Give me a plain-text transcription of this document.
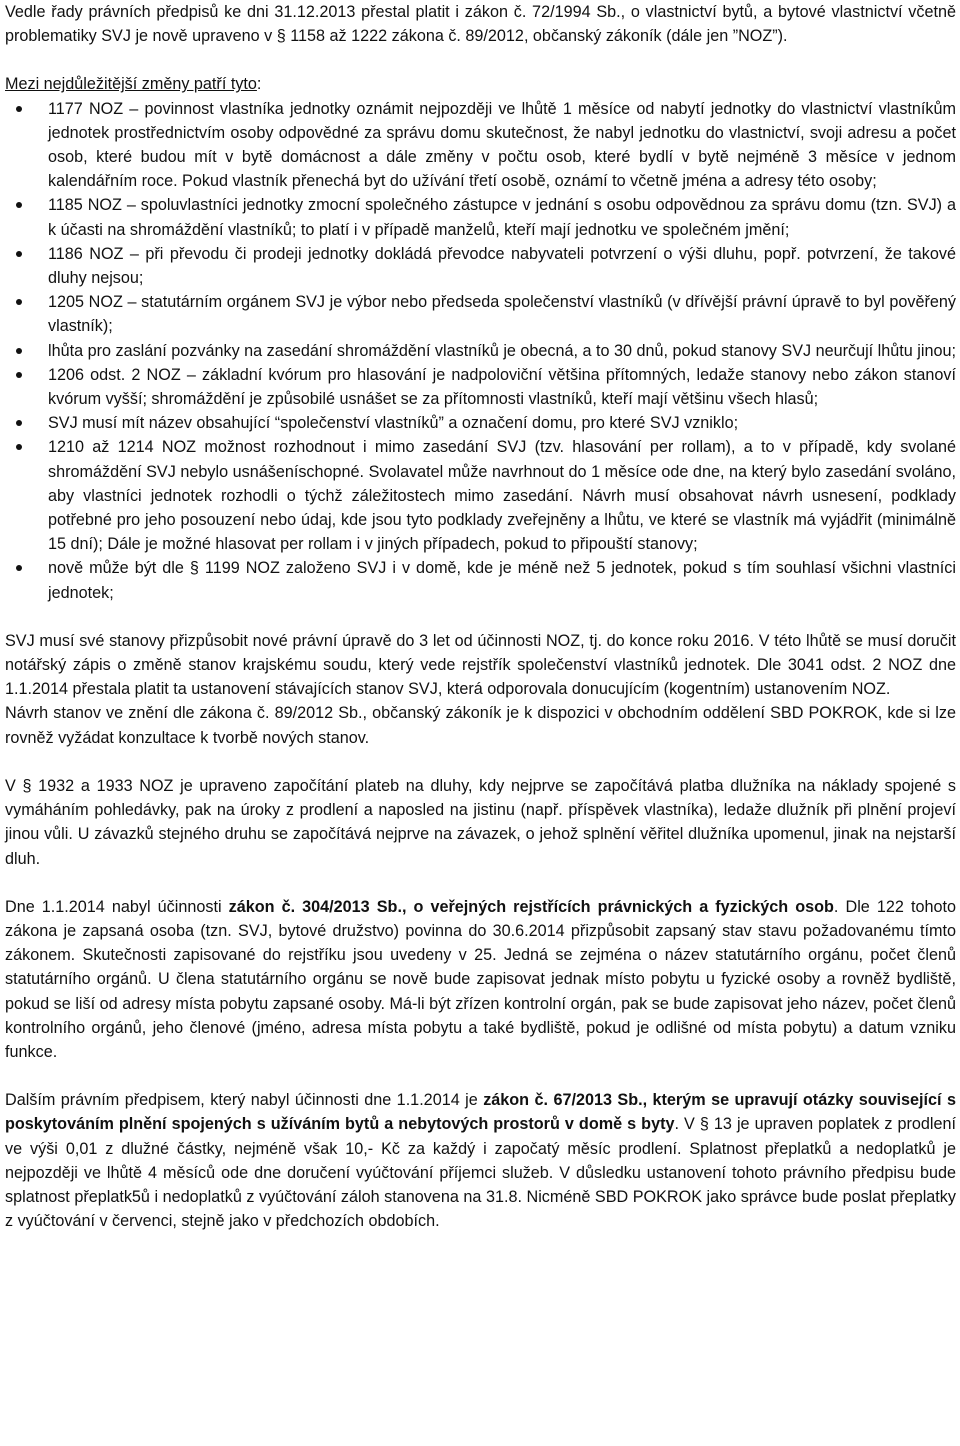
Vedle řady právních předpisů ke dni 31.12.2013 přestal platit i zákon č. 72/1994 Sb., o vlastnictví bytů, a bytové vlastnictví včetně problematiky SVJ je nově upraveno v § 1158 až 1222 zákona č. 89/2012, občanský zákoník (dále jen ”NOZ”).

Mezi nejdůležitější změny patří tyto:

1177 NOZ – povinnost vlastníka jednotky oznámit nejpozději ve lhůtě 1 měsíce od nabytí jednotky do vlastnictví vlastníkům jednotek prostřednictvím osoby odpovědné za správu domu skutečnost, že nabyl jednotku do vlastnictví, svoji adresu a počet osob, které budou mít v bytě domácnost a dále změny v počtu osob, které bydlí v bytě nejméně 3 měsíce v jednom kalendářním roce. Pokud vlastník přenechá byt do užívání třetí osobě, oznámí to včetně jména a adresy této osoby;
1185 NOZ – spoluvlastníci jednotky zmocní společného zástupce v jednání s osobu odpovědnou za správu domu (tzn. SVJ) a k účasti na shromáždění vlastníků; to platí i v případě manželů, kteří mají jednotku ve společném jmění;
1186 NOZ – při převodu či prodeji jednotky dokládá převodce nabyvateli potvrzení o výši dluhu, popř. potvrzení, že takové dluhy nejsou;
1205 NOZ – statutárním orgánem SVJ je výbor nebo předseda společenství vlastníků (v dřívější právní úpravě to byl pověřený vlastník);
lhůta pro zaslání pozvánky na zasedání shromáždění vlastníků je obecná, a to 30 dnů, pokud stanovy SVJ neurčují lhůtu jinou;
1206 odst. 2 NOZ – základní kvórum pro hlasování je nadpoloviční většina přítomných, ledaže stanovy nebo zákon stanoví kvórum vyšší; shromáždění je způsobilé usnášet se za přítomnosti vlastníků, kteří mají většinu všech hlasů;
SVJ musí mít název obsahující “společenství vlastníků” a označení domu, pro které SVJ vzniklo;
1210 až 1214 NOZ možnost rozhodnout i mimo zasedání SVJ (tzv. hlasování per rollam), a to v případě, kdy svolané shromáždění SVJ nebylo usnášeníschopné. Svolavatel může navrhnout do 1 měsíce ode dne, na který bylo zasedání svoláno, aby vlastníci jednotek rozhodli o týchž záležitostech mimo zasedání. Návrh musí obsahovat návrh usnesení, podklady potřebné pro jeho posouzení nebo údaj, kde jsou tyto podklady zveřejněny a lhůtu, ve které se vlastník má vyjádřit (minimálně 15 dní); Dále je možné hlasovat per rollam i v jiných případech, pokud to připouští stanovy;
nově může být dle § 1199 NOZ založeno SVJ i v domě, kde je méně než 5 jednotek, pokud s tím souhlasí všichni vlastníci jednotek;

SVJ musí své stanovy přizpůsobit nové právní úpravě do 3 let od účinnosti NOZ, tj. do konce roku 2016. V této lhůtě se musí doručit notářský zápis o změně stanov krajskému soudu, který vede rejstřík společenství vlastníků jednotek. Dle 3041 odst. 2 NOZ dne 1.1.2014 přestala platit ta ustanovení stávajících stanov SVJ, která odporovala donucujícím (kogentním) ustanovením NOZ.

Návrh stanov ve znění dle zákona č. 89/2012 Sb., občanský zákoník je k dispozici v obchodním oddělení SBD POKROK, kde si lze rovněž vyžádat konzultace k tvorbě nových stanov.

V § 1932 a 1933 NOZ je upraveno započítání plateb na dluhy, kdy nejprve se započítává platba dlužníka na náklady spojené s vymáháním pohledávky, pak na úroky z prodlení a naposled na jistinu (např. příspěvek vlastníka), ledaže dlužník při plnění projeví jinou vůli. U závazků stejného druhu se započítává nejprve na závazek, o jehož splnění věřitel dlužníka upomenul, jinak na nejstarší dluh.

Dne 1.1.2014 nabyl účinnosti zákon č. 304/2013 Sb., o veřejných rejstřících právnických a fyzických osob. Dle 122 tohoto zákona je zapsaná osoba (tzn. SVJ, bytové družstvo) povinna do 30.6.2014 přizpůsobit zapsaný stav stavu požadovanému tímto zákonem. Skutečnosti zapisované do rejstříku jsou uvedeny v 25. Jedná se zejména o název statutárního orgánu, počet členů statutárního orgánů. U člena statutárního orgánu se nově bude zapisovat jednak místo pobytu u fyzické osoby a rovněž bydliště, pokud se liší od adresy místa pobytu zapsané osoby. Má-li být zřízen kontrolní orgán, pak se bude zapisovat jeho název, počet členů kontrolního orgánů, jeho členové (jméno, adresa místa pobytu a také bydliště, pokud je odlišné od místa pobytu) a datum vzniku funkce.

Dalším právním předpisem, který nabyl účinnosti dne 1.1.2014 je zákon č. 67/2013 Sb., kterým se upravují otázky související s poskytováním plnění spojených s užíváním bytů a nebytových prostorů v domě s byty. V § 13 je upraven poplatek z prodlení ve výši 0,01 z dlužné částky, nejméně však 10,- Kč za každý i započatý měsíc prodlení. Splatnost přeplatků a nedoplatků je nejpozději ve lhůtě 4 měsíců ode dne doručení vyúčtování příjemci služeb. V důsledku ustanovení tohoto právního předpisu bude splatnost přeplatk5ů i nedoplatků z vyúčtování záloh stanovena na 31.8. Nicméně SBD POKROK jako správce bude poslat přeplatky z vyúčtování v červenci, stejně jako v předchozích obdobích.
